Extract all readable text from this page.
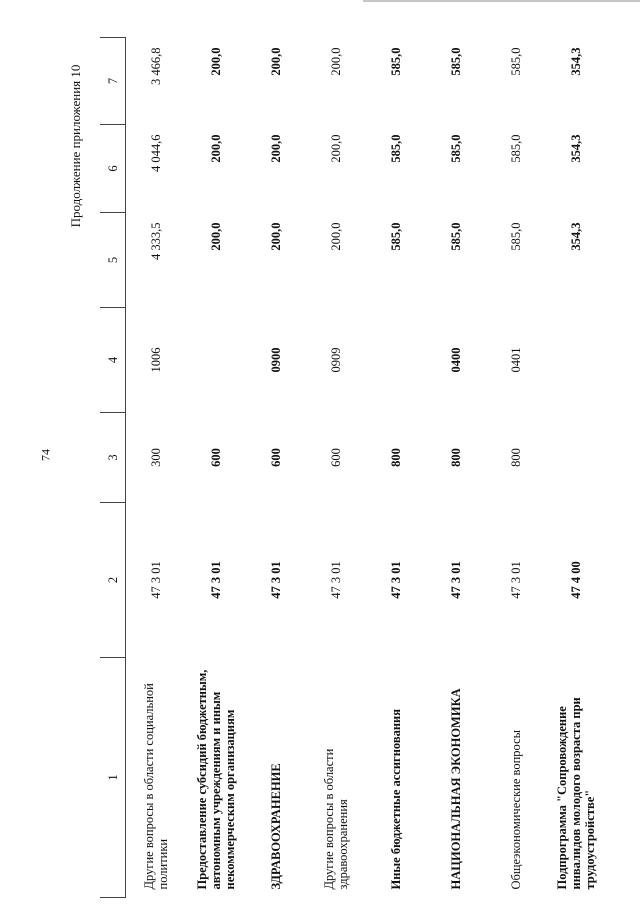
74
Продолжение приложения 10
1	2	3	4	5	6	7
Другие вопросы в области социальной политики	47 3 01	300	1006	4 333,5	4 044,6	3 466,8
Предоставление субсидий бюджетным, автономным учреждениям и иным некоммерческим организациям	47 3 01	600		200,0	200,0	200,0
ЗДРАВООХРАНЕНИЕ	47 3 01	600	0900	200,0	200,0	200,0
Другие вопросы в области здравоохранения	47 3 01	600	0909	200,0	200,0	200,0
Иные бюджетные ассигнования	47 3 01	800		585,0	585,0	585,0
НАЦИОНАЛЬНАЯ ЭКОНОМИКА	47 3 01	800	0400	585,0	585,0	585,0
Общеэкономические вопросы	47 3 01	800	0401	585,0	585,0	585,0
Подпрограмма "Сопровождение инвалидов молодого возраста при трудоустройстве"	47 4 00			354,3	354,3	354,3
